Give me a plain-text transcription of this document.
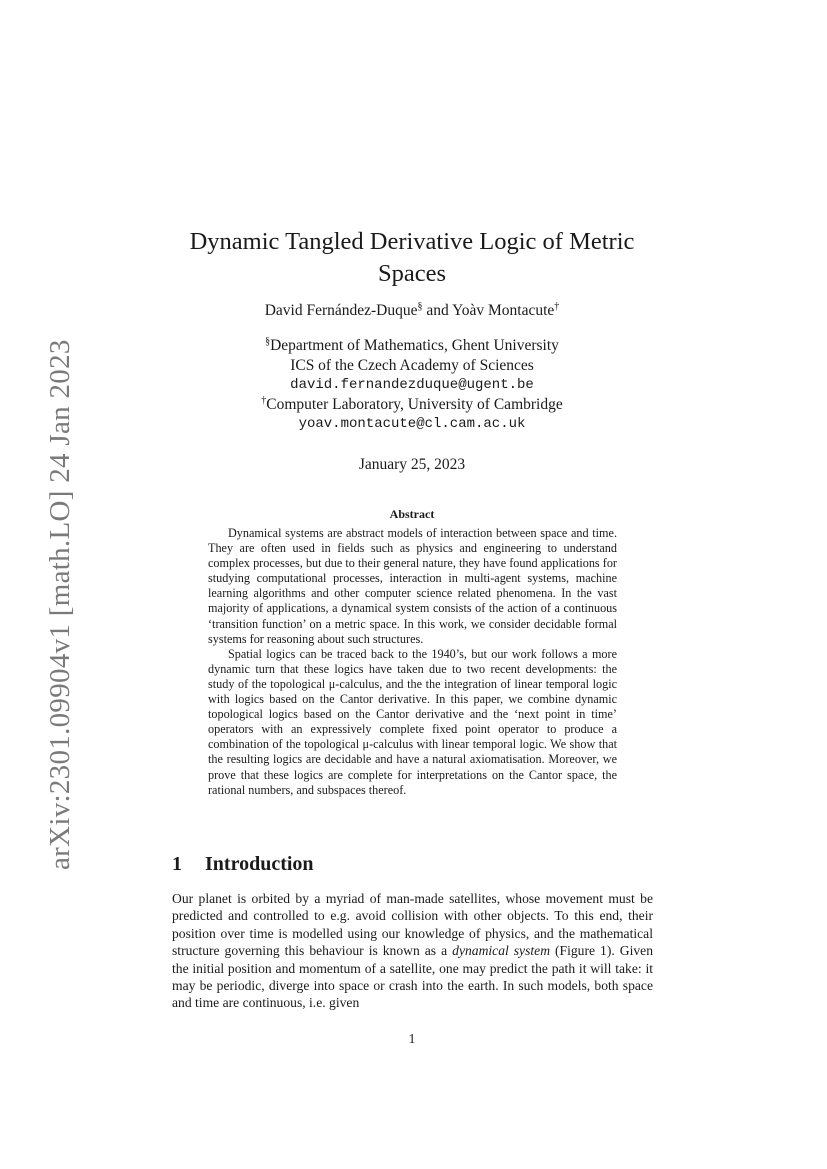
arXiv:2301.09904v1 [math.LO] 24 Jan 2023
Dynamic Tangled Derivative Logic of Metric Spaces
David Fernández-Duque§ and Yoàv Montacute†
§Department of Mathematics, Ghent University
ICS of the Czech Academy of Sciences
david.fernandezduque@ugent.be
†Computer Laboratory, University of Cambridge
yoav.montacute@cl.cam.ac.uk
January 25, 2023
Abstract

Dynamical systems are abstract models of interaction between space and time. They are often used in fields such as physics and engineering to understand complex processes, but due to their general nature, they have found applications for studying computational processes, interaction in multi-agent systems, machine learning algorithms and other computer science related phenomena. In the vast majority of applications, a dynamical system consists of the action of a continuous ‘transition function’ on a metric space. In this work, we consider decidable formal systems for reasoning about such structures.

Spatial logics can be traced back to the 1940’s, but our work follows a more dynamic turn that these logics have taken due to two recent developments: the study of the topological μ-calculus, and the the integration of linear temporal logic with logics based on the Cantor derivative. In this paper, we combine dynamic topological logics based on the Cantor derivative and the ‘next point in time’ operators with an expressively complete fixed point operator to produce a combination of the topological μ-calculus with linear temporal logic. We show that the resulting logics are decidable and have a natural axiomatisation. Moreover, we prove that these logics are complete for interpretations on the Cantor space, the rational numbers, and subspaces thereof.

1 Introduction

Our planet is orbited by a myriad of man-made satellites, whose movement must be predicted and controlled to e.g. avoid collision with other objects. To this end, their position over time is modelled using our knowledge of physics, and the mathematical structure governing this behaviour is known as a dynamical system (Figure 1). Given the initial position and momentum of a satellite, one may predict the path it will take: it may be periodic, diverge into space or crash into the earth. In such models, both space and time are continuous, i.e. given

1
